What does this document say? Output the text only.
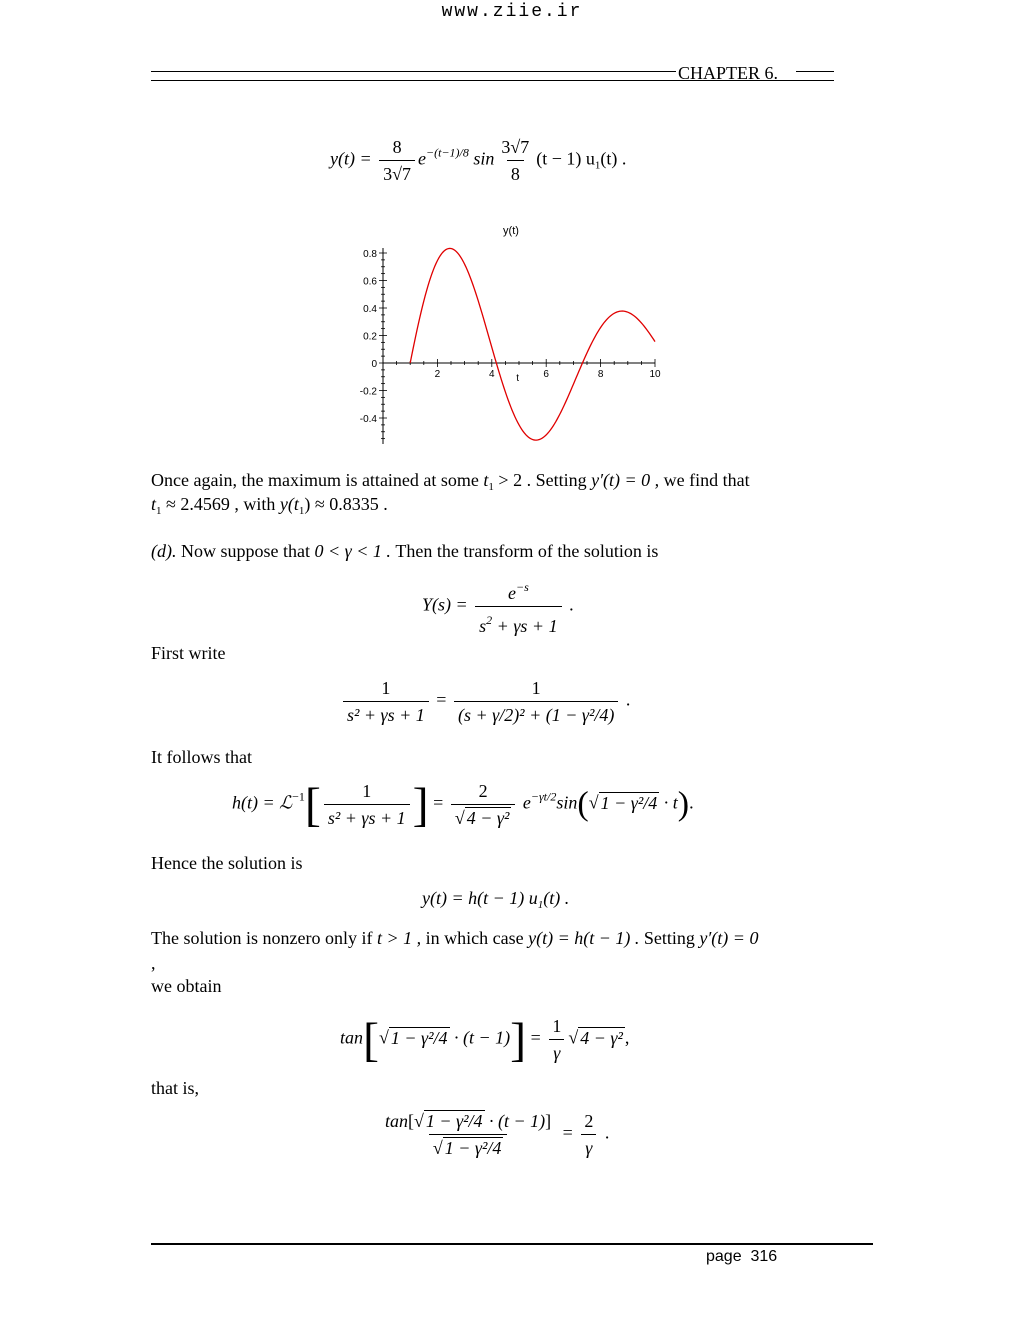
www.ziie.ir
CHAPTER 6.
$y(t) = \frac{8}{3√7} e^{-(t-1)/8}$ $\sin \frac{3√7}{8} (t - 1)$ $u_1(t)$ .
y(t)
2	4	6	8	10
t
0.8
0.6
0.4
0.2
0
-0.2
-0.4
Once again, the maximum is attained at some $t_1 > 2$ . Setting y′(t) = 0 , we find that
$t_1 \approx 2.4569$ , with $y(t_1) \approx 0.8335$ .
(d). Now suppose that 0 < γ < 1 . Then the transform of the solution is
$Y(s) = \frac{e^{-s}}{s^2 + \gamma s + 1}$ .
First write
$\frac{1}{\text{s² + γs + 1}} = \frac{1}{\text{(s + γ/2)² + (1 − γ²/4)}}$ .
It follows that
h(t) = ℒ$^{-1}$[ $\frac{1}{\text{s² + γs + 1}}$ ] = $\frac{2}{\text{√ 4 − γ²}} e^{-\gamma t/2}\sin(√$ 1 − γ²/4 · t).
Hence the solution is
y(t) = h(t − 1) $u_1(t)$ .
The solution is nonzero only if t > 1 , in which case y(t) = h(t − 1) . Setting y′(t) = 0
,
we obtain
tan[√ $1 - \gamma^2/4 \cdot (t - 1)] = \frac{1}{\gamma}$ √ 4 − γ² ,
that is,
$\frac{\text{tan[√ 1 − γ²/4 · (t − 1)]}}{\text{√ 1 − γ²/4}} = \frac{2}{\gamma}$ .
page  316
